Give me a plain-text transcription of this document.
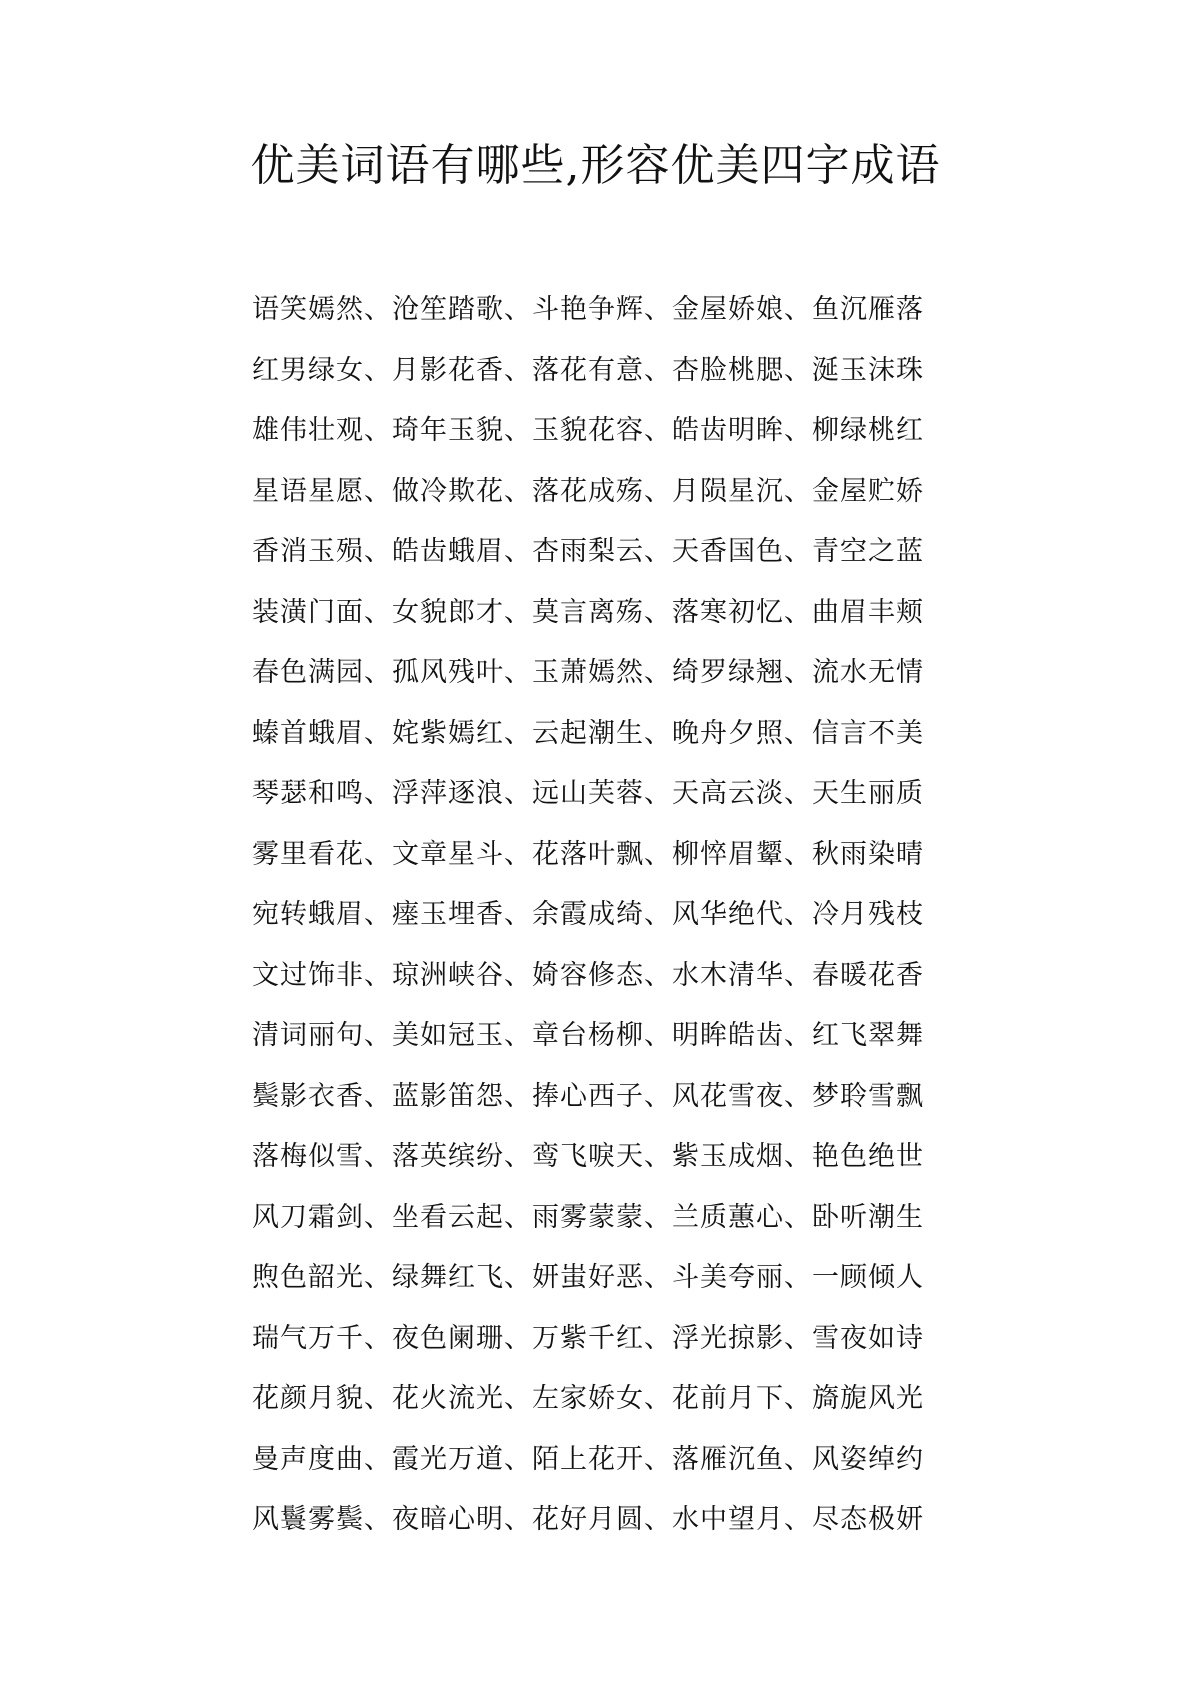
优美词语有哪些,形容优美四字成语
语笑嫣然、沧笙踏歌、斗艳争辉、金屋娇娘、鱼沉雁落
红男绿女、月影花香、落花有意、杏脸桃腮、涎玉沫珠
雄伟壮观、琦年玉貌、玉貌花容、皓齿明眸、柳绿桃红
星语星愿、做冷欺花、落花成殇、月陨星沉、金屋贮娇
香消玉殒、皓齿蛾眉、杏雨梨云、天香国色、青空之蓝
装潢门面、女貌郎才、莫言离殇、落寒初忆、曲眉丰颊
春色满园、孤风残叶、玉萧嫣然、绮罗绿翘、流水无情
螓首蛾眉、姹紫嫣红、云起潮生、晚舟夕照、信言不美
琴瑟和鸣、浮萍逐浪、远山芙蓉、天高云淡、天生丽质
雾里看花、文章星斗、花落叶飘、柳悴眉颦、秋雨染晴
宛转蛾眉、瘗玉埋香、余霞成绮、风华绝代、冷月残枝
文过饰非、琼洲峡谷、婍容修态、水木清华、春暖花香
清词丽句、美如冠玉、章台杨柳、明眸皓齿、红飞翠舞
鬓影衣香、蓝影笛怨、捧心西子、风花雪夜、梦聆雪飘
落梅似雪、落英缤纷、鸾飞唳天、紫玉成烟、艳色绝世
风刀霜剑、坐看云起、雨雾蒙蒙、兰质蕙心、卧听潮生
煦色韶光、绿舞红飞、妍蚩好恶、斗美夸丽、一顾倾人
瑞气万千、夜色阑珊、万紫千红、浮光掠影、雪夜如诗
花颜月貌、花火流光、左家娇女、花前月下、旖旎风光
曼声度曲、霞光万道、陌上花开、落雁沉鱼、风姿绰约
风鬟雾鬓、夜暗心明、花好月圆、水中望月、尽态极妍
